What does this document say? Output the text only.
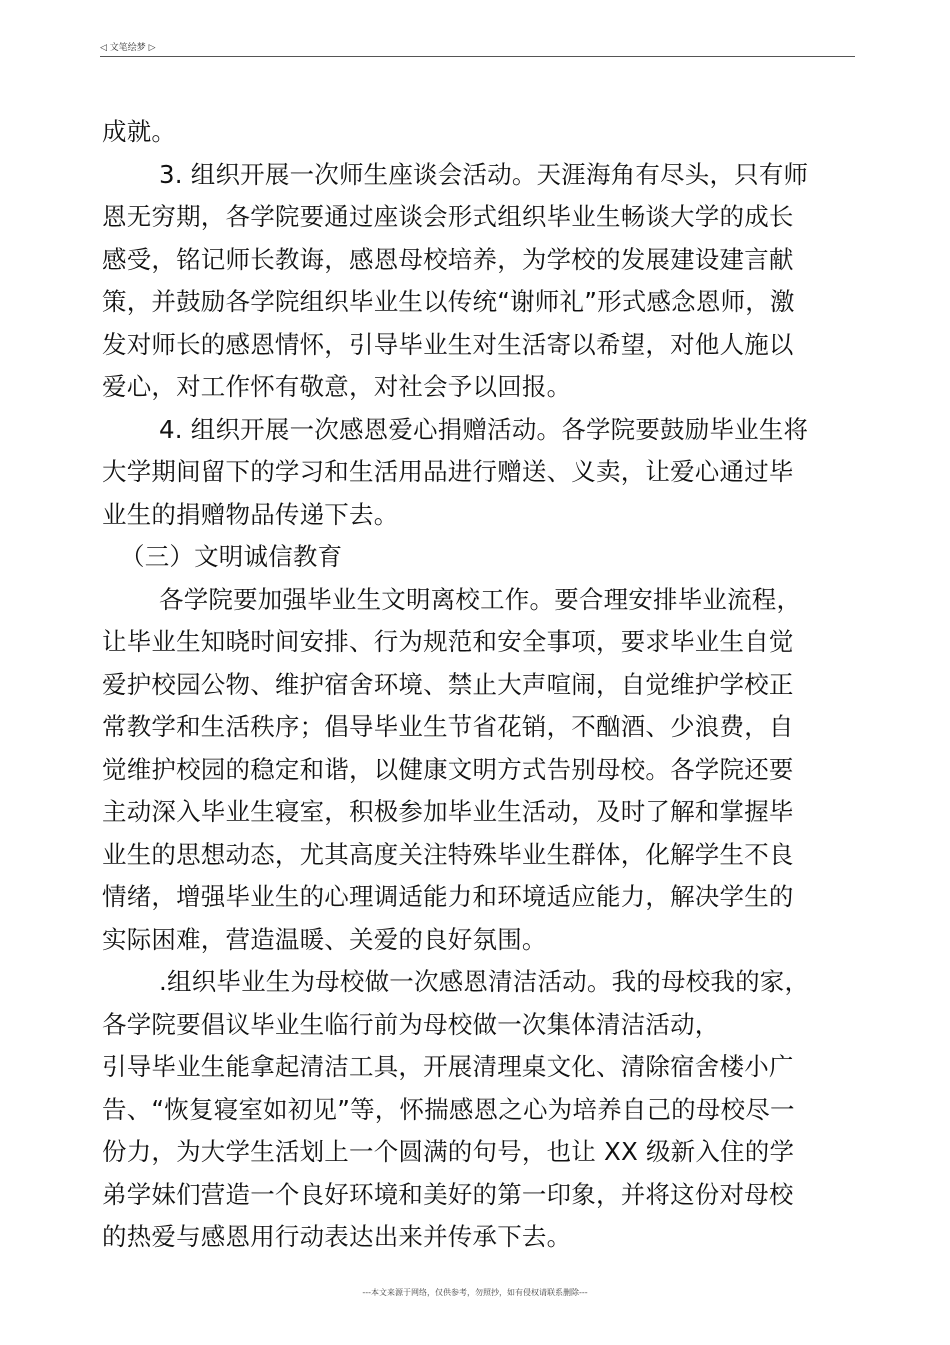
◁ 文笔绘梦 ▷
成就。
3. 组织开展一次师生座谈会活动。天涯海角有尽头，只有师
恩无穷期，各学院要通过座谈会形式组织毕业生畅谈大学的成长
感受，铭记师长教诲，感恩母校培养，为学校的发展建设建言献
策，并鼓励各学院组织毕业生以传统“谢师礼”形式感念恩师，激
发对师长的感恩情怀，引导毕业生对生活寄以希望，对他人施以
爱心，对工作怀有敬意，对社会予以回报。
4. 组织开展一次感恩爱心捐赠活动。各学院要鼓励毕业生将
大学期间留下的学习和生活用品进行赠送、义卖，让爱心通过毕
业生的捐赠物品传递下去。
（三）文明诚信教育
各学院要加强毕业生文明离校工作。要合理安排毕业流程，
让毕业生知晓时间安排、行为规范和安全事项，要求毕业生自觉
爱护校园公物、维护宿舍环境、禁止大声喧闹，自觉维护学校正
常教学和生活秩序；倡导毕业生节省花销，不酗酒、少浪费，自
觉维护校园的稳定和谐，以健康文明方式告别母校。各学院还要
主动深入毕业生寝室，积极参加毕业生活动，及时了解和掌握毕
业生的思想动态，尤其高度关注特殊毕业生群体，化解学生不良
情绪，增强毕业生的心理调适能力和环境适应能力，解决学生的
实际困难，营造温暖、关爱的良好氛围。
.组织毕业生为母校做一次感恩清洁活动。我的母校我的家，
各学院要倡议毕业生临行前为母校做一次集体清洁活动，
引导毕业生能拿起清洁工具，开展清理桌文化、清除宿舍楼小广
告、“恢复寝室如初见”等，怀揣感恩之心为培养自己的母校尽一
份力，为大学生活划上一个圆满的句号，也让 XX 级新入住的学
弟学妹们营造一个良好环境和美好的第一印象，并将这份对母校
的热爱与感恩用行动表达出来并传承下去。
---本文来源于网络，仅供参考，勿照抄，如有侵权请联系删除---
